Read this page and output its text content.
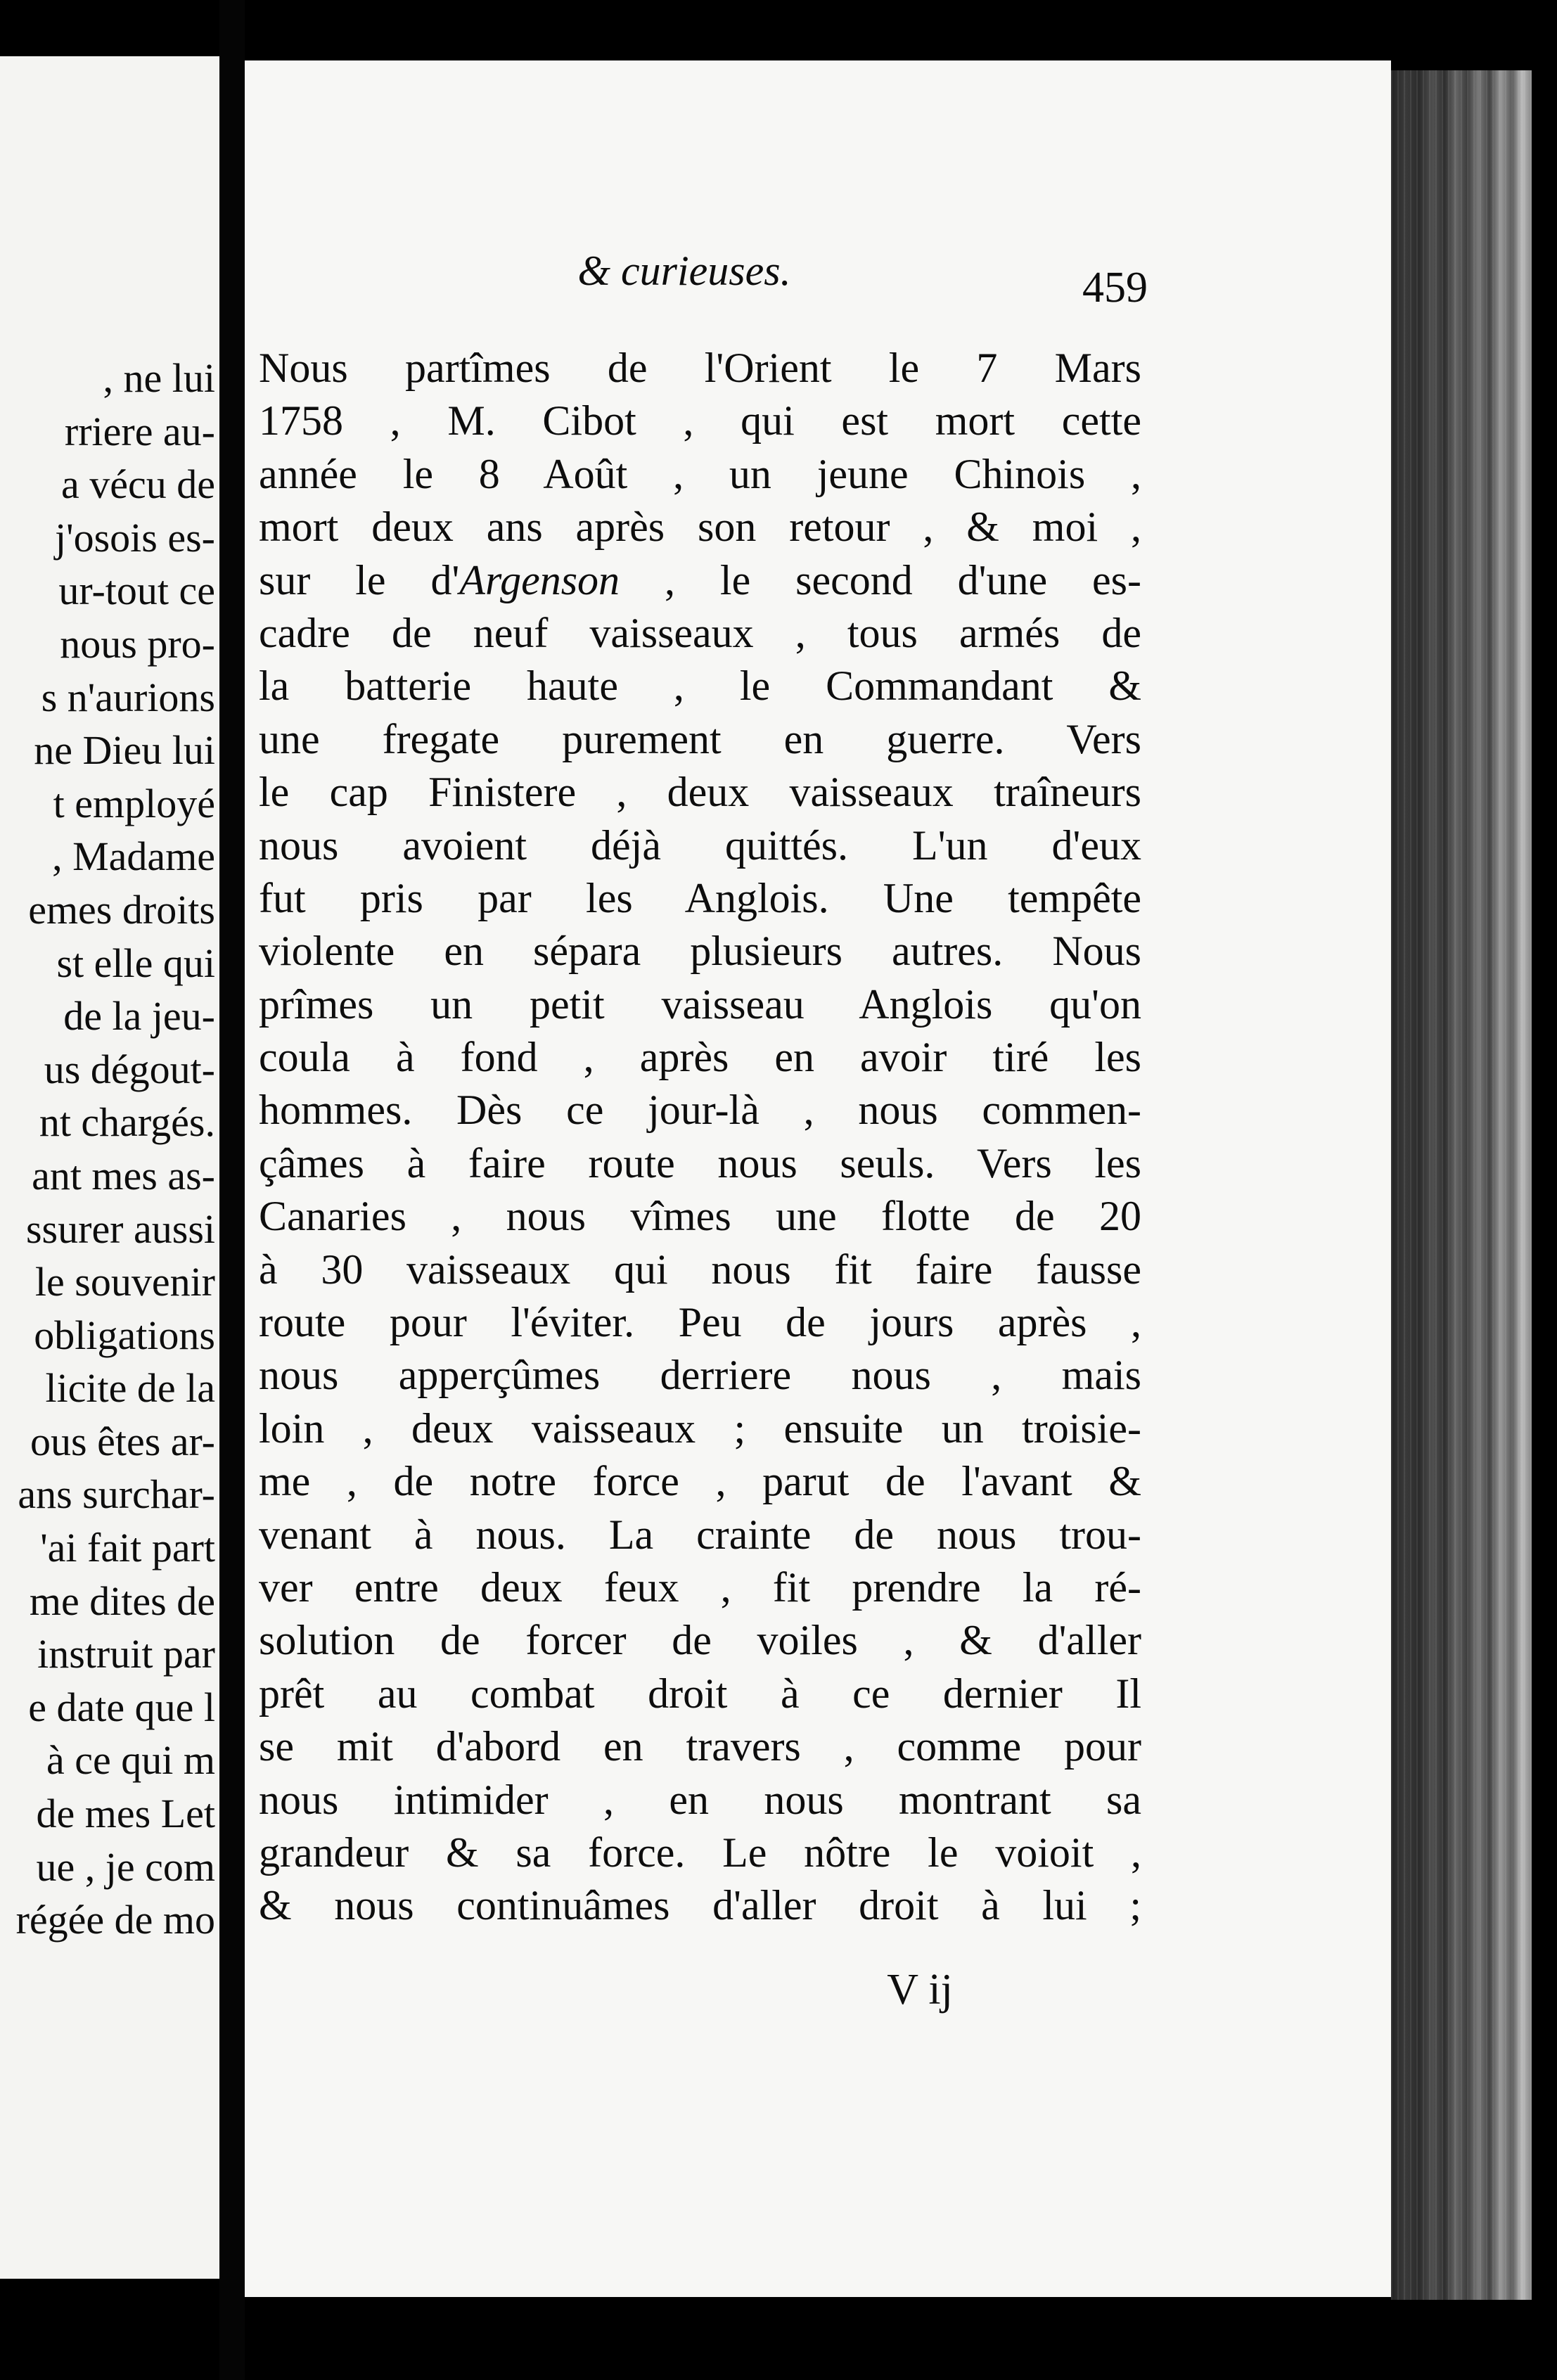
, ne lui
rriere au-
a vécu de
j'osois es-
ur-tout ce
nous pro-
s n'aurions
ne Dieu lui
t employé
, Madame
emes droits
st elle qui
de la jeu-
us dégout-
nt chargés.
ant mes as-
ssurer aussi
le souvenir
obligations
licite de la
ous êtes ar-
ans surchar-
'ai fait part
me dites de
instruit par
e date que l
à ce qui m
de mes Let
ue , je com
régée de mo
& curieuses.	459
Nous partîmes de l'Orient le 7 Mars
1758 , M. Cibot , qui est mort cette
année le 8 Août , un jeune Chinois ,
mort deux ans après son retour , & moi ,
sur le d'Argenson , le second d'une es-
cadre de neuf vaisseaux , tous armés de
la batterie haute , le Commandant &
une fregate purement en guerre. Vers
le cap Finistere , deux vaisseaux traîneurs
nous avoient déjà quittés. L'un d'eux
fut pris par les Anglois. Une tempête
violente en sépara plusieurs autres. Nous
prîmes un petit vaisseau Anglois qu'on
coula à fond , après en avoir tiré les
hommes. Dès ce jour-là , nous commen-
çâmes à faire route nous seuls. Vers les
Canaries , nous vîmes une flotte de 20
à 30 vaisseaux qui nous fit faire fausse
route pour l'éviter. Peu de jours après ,
nous apperçûmes derriere nous , mais
loin , deux vaisseaux ; ensuite un troisie-
me , de notre force , parut de l'avant &
venant à nous. La crainte de nous trou-
ver entre deux feux , fit prendre la ré-
solution de forcer de voiles , & d'aller
prêt au combat droit à ce dernier Il
se mit d'abord en travers , comme pour
nous intimider , en nous montrant sa
grandeur & sa force. Le nôtre le voioit ,
& nous continuâmes d'aller droit à lui ;
V ij
